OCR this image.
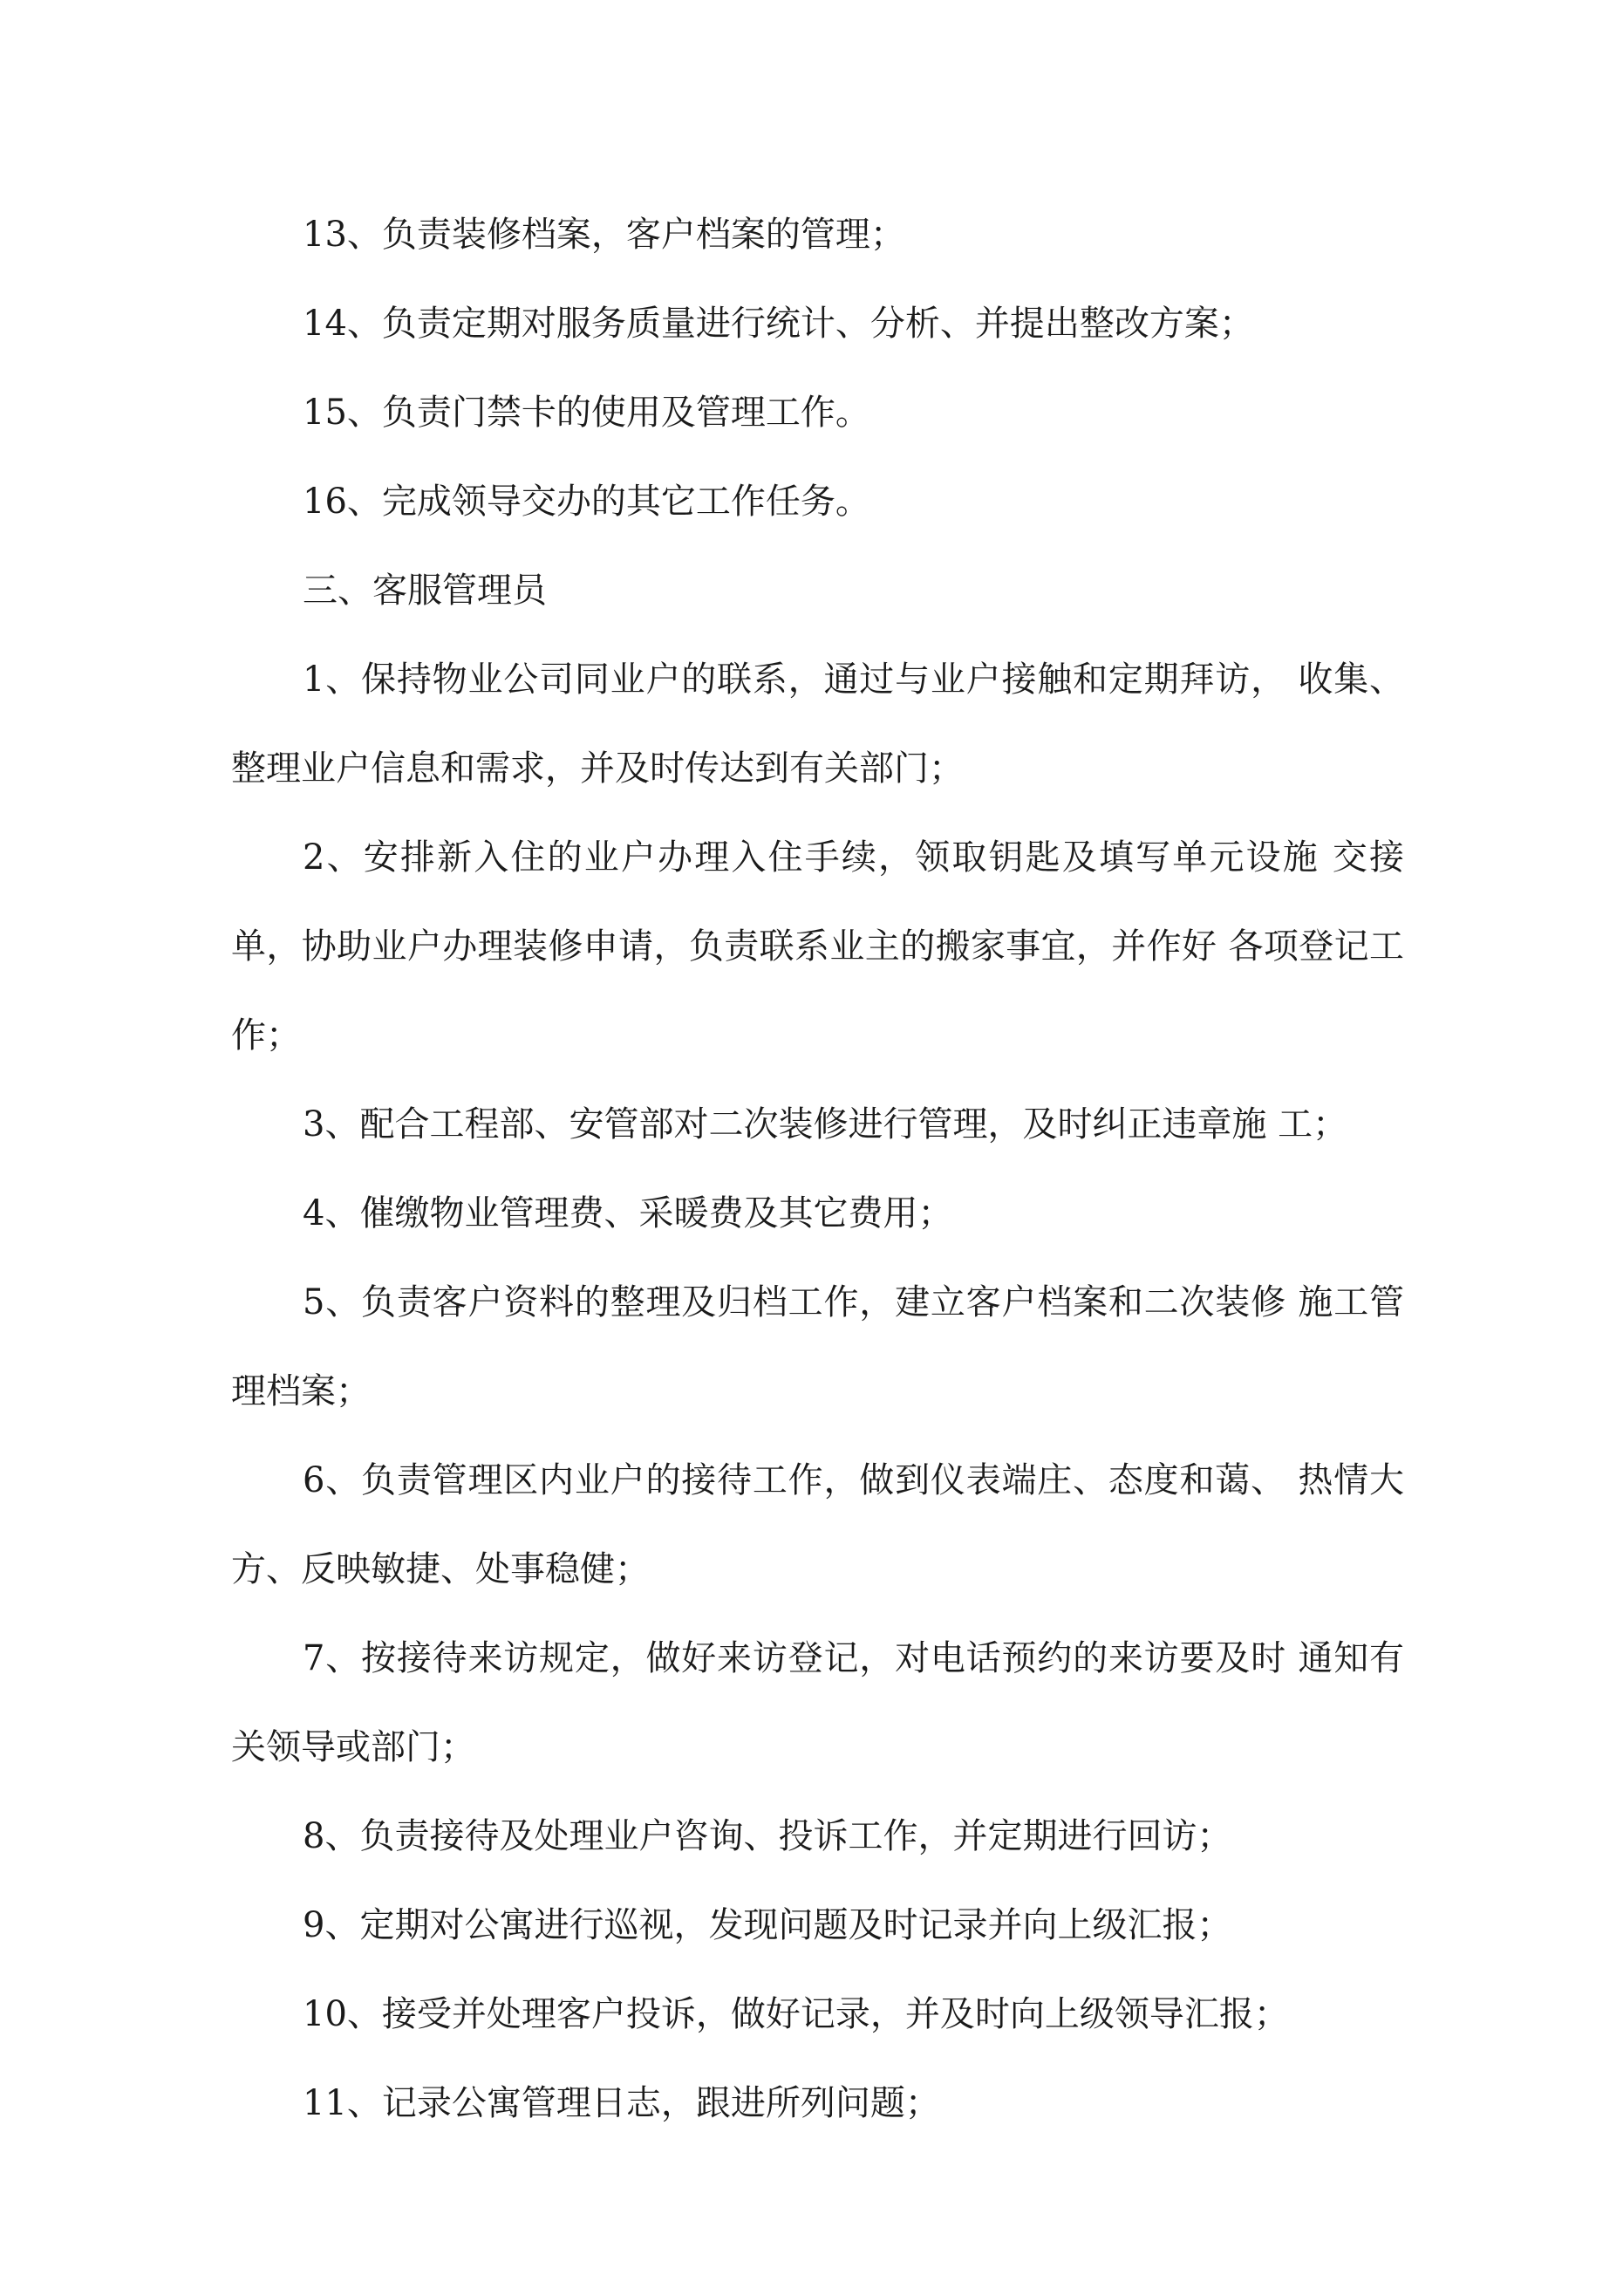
13、负责装修档案，客户档案的管理；

14、负责定期对服务质量进行统计、分析、并提出整改方案；

15、负责门禁卡的使用及管理工作。

16、完成领导交办的其它工作任务。

三、客服管理员

1、保持物业公司同业户的联系，通过与业户接触和定期拜访， 收集、整理业户信息和需求，并及时传达到有关部门；

2、安排新入住的业户办理入住手续，领取钥匙及填写单元设施 交接单，协助业户办理装修申请，负责联系业主的搬家事宜，并作好 各项登记工作；

3、配合工程部、安管部对二次装修进行管理，及时纠正违章施 工；

4、催缴物业管理费、采暖费及其它费用；

5、负责客户资料的整理及归档工作，建立客户档案和二次装修 施工管理档案；

6、负责管理区内业户的接待工作，做到仪表端庄、态度和蔼、 热情大方、反映敏捷、处事稳健；

7、按接待来访规定，做好来访登记，对电话预约的来访要及时 通知有关领导或部门；

8、负责接待及处理业户咨询、投诉工作，并定期进行回访；

9、定期对公寓进行巡视，发现问题及时记录并向上级汇报；

10、接受并处理客户投诉，做好记录，并及时向上级领导汇报；

11、记录公寓管理日志，跟进所列问题；
